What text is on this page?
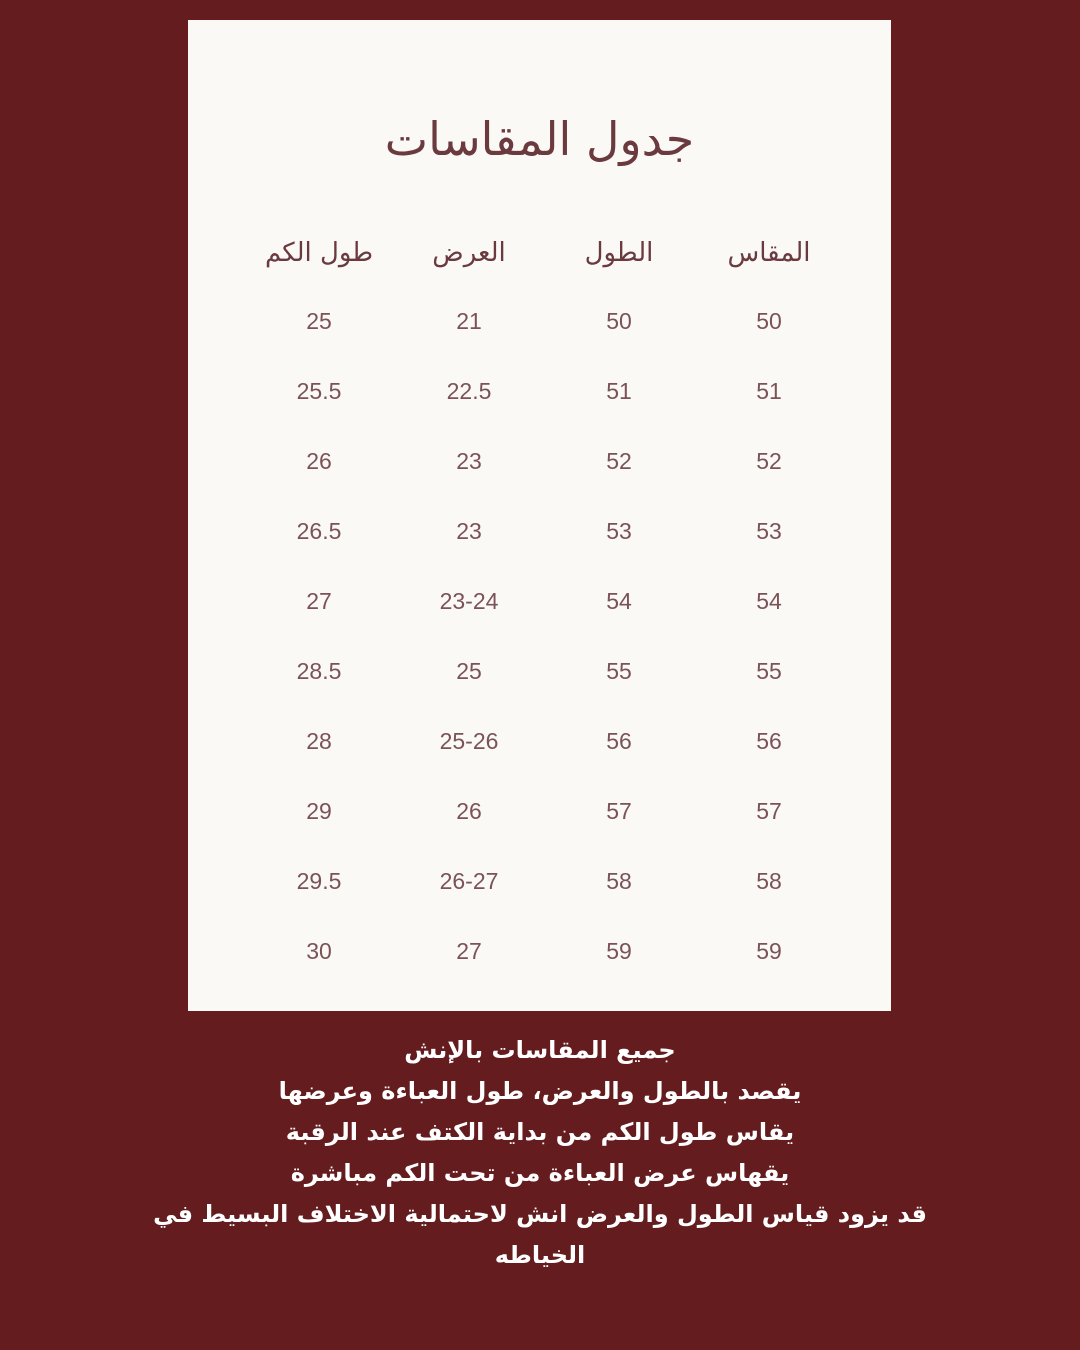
جدول المقاسات
المقاس
الطول
العرض
طول الكم
50
50
21
25
51
51
22.5
25.5
52
52
23
26
53
53
23
26.5
54
54
23-24
27
55
55
25
28.5
56
56
25-26
28
57
57
26
29
58
58
26-27
29.5
59
59
27
30
جميع المقاسات بالإنش
يقصد بالطول والعرض، طول العباءة وعرضها
يقاس طول الكم من بداية الكتف عند الرقبة
يقهاس عرض العباءة من تحت الكم مباشرة
قد يزود قياس الطول والعرض انش لاحتمالية الاختلاف البسيط في الخياطه
